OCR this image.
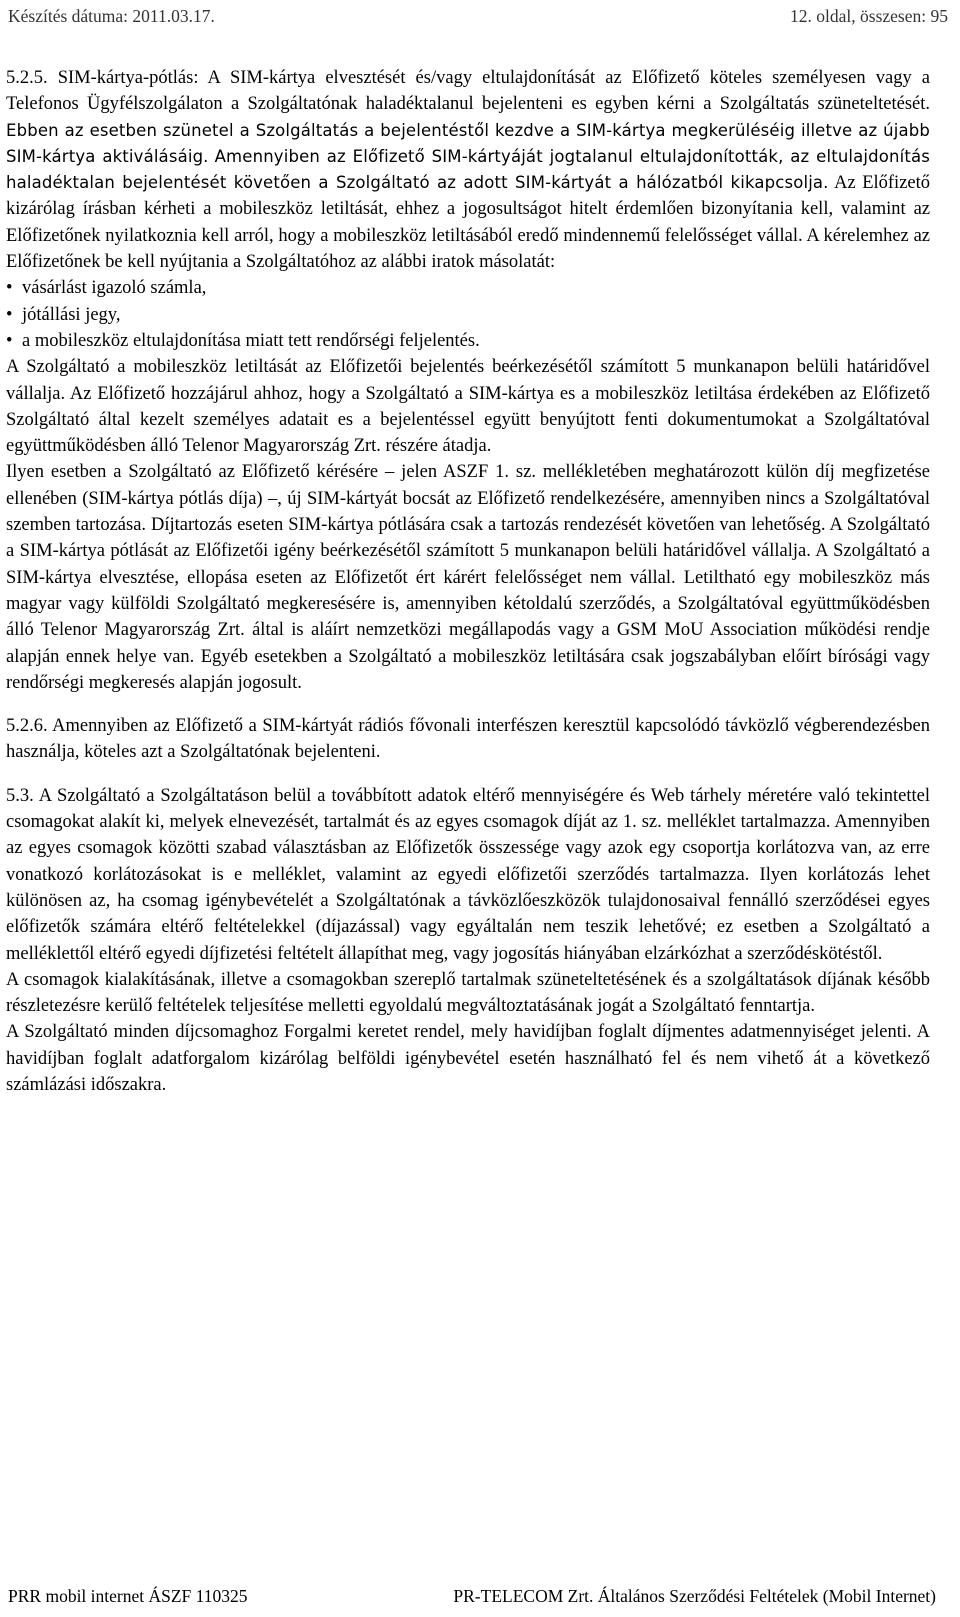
Készítés dátuma: 2011.03.17.	12. oldal, összesen: 95

5.2.5. SIM-kártya-pótlás: A SIM-kártya elvesztését és/vagy eltulajdonítását az Előfizető köteles személyesen vagy a Telefonos Ügyfélszolgálaton a Szolgáltatónak haladéktalanul bejelenteni es egyben kérni a Szolgáltatás szüneteltetését. Ebben az esetben szünetel a Szolgáltatás a bejelentéstől kezdve a SIM-kártya megkerüléséig illetve az újabb SIM-kártya aktiválásáig. Amennyiben az Előfizető SIM-kártyáját jogtalanul eltulajdonították, az eltulajdonítás haladéktalan bejelentését követően a Szolgáltató az adott SIM-kártyát a hálózatból kikapcsolja. Az Előfizető kizárólag írásban kérheti a mobileszköz letiltását, ehhez a jogosultságot hitelt érdemlően bizonyítania kell, valamint az Előfizetőnek nyilatkoznia kell arról, hogy a mobileszköz letiltásából eredő mindennemű felelősséget vállal. A kérelemhez az Előfizetőnek be kell nyújtania a Szolgáltatóhoz az alábbi iratok másolatát:

• vásárlást igazoló számla,
• jótállási jegy,
• a mobileszköz eltulajdonítása miatt tett rendőrségi feljelentés.

A Szolgáltató a mobileszköz letiltását az Előfizetői bejelentés beérkezésétől számított 5 munkanapon belüli határidővel vállalja. Az Előfizető hozzájárul ahhoz, hogy a Szolgáltató a SIM-kártya es a mobileszköz letiltása érdekében az Előfizető Szolgáltató által kezelt személyes adatait es a bejelentéssel együtt benyújtott fenti dokumentumokat a Szolgáltatóval együttműködésben álló Telenor Magyarország Zrt. részére átadja.

Ilyen esetben a Szolgáltató az Előfizető kérésére – jelen ASZF 1. sz. mellékletében meghatározott külön díj megfizetése ellenében (SIM-kártya pótlás díja) –, új SIM-kártyát bocsát az Előfizető rendelkezésére, amennyiben nincs a Szolgáltatóval szemben tartozása. Díjtartozás eseten SIM-kártya pótlására csak a tartozás rendezését követően van lehetőség. A Szolgáltató a SIM-kártya pótlását az Előfizetői igény beérkezésétől számított 5 munkanapon belüli határidővel vállalja. A Szolgáltató a SIM-kártya elvesztése, ellopása eseten az Előfizetőt ért kárért felelősséget nem vállal. Letiltható egy mobileszköz más magyar vagy külföldi Szolgáltató megkeresésére is, amennyiben kétoldalú szerződés, a Szolgáltatóval együttműködésben álló Telenor Magyarország Zrt. által is aláírt nemzetközi megállapodás vagy a GSM MoU Association működési rendje alapján ennek helye van. Egyéb esetekben a Szolgáltató a mobileszköz letiltására csak jogszabályban előírt bírósági vagy rendőrségi megkeresés alapján jogosult.

5.2.6. Amennyiben az Előfizető a SIM-kártyát rádiós fővonali interfészen keresztül kapcsolódó távközlő végberendezésben használja, köteles azt a Szolgáltatónak bejelenteni.

5.3. A Szolgáltató a Szolgáltatáson belül a továbbított adatok eltérő mennyiségére és Web tárhely méretére való tekintettel csomagokat alakít ki, melyek elnevezését, tartalmát és az egyes csomagok díját az 1. sz. melléklet tartalmazza. Amennyiben az egyes csomagok közötti szabad választásban az Előfizetők összessége vagy azok egy csoportja korlátozva van, az erre vonatkozó korlátozásokat is e melléklet, valamint az egyedi előfizetői szerződés tartalmazza. Ilyen korlátozás lehet különösen az, ha csomag igénybevételét a Szolgáltatónak a távközlőeszközök tulajdonosaival fennálló szerződései egyes előfizetők számára eltérő feltételekkel (díjazással) vagy egyáltalán nem teszik lehetővé; ez esetben a Szolgáltató a melléklettől eltérő egyedi díjfizetési feltételt állapíthat meg, vagy jogosítás hiányában elzárkózhat a szerződéskötéstől.

A csomagok kialakításának, illetve a csomagokban szereplő tartalmak szüneteltetésének és a szolgáltatások díjának később részletezésre kerülő feltételek teljesítése melletti egyoldalú megváltoztatásának jogát a Szolgáltató fenntartja.

A Szolgáltató minden díjcsomaghoz Forgalmi keretet rendel, mely havidíjban foglalt díjmentes adatmennyiséget jelenti. A havidíjban foglalt adatforgalom kizárólag belföldi igénybevétel esetén használható fel és nem vihető át a következő számlázási időszakra.

PRR mobil internet ÁSZF 110325	PR-TELECOM Zrt. Általános Szerződési Feltételek (Mobil Internet)
